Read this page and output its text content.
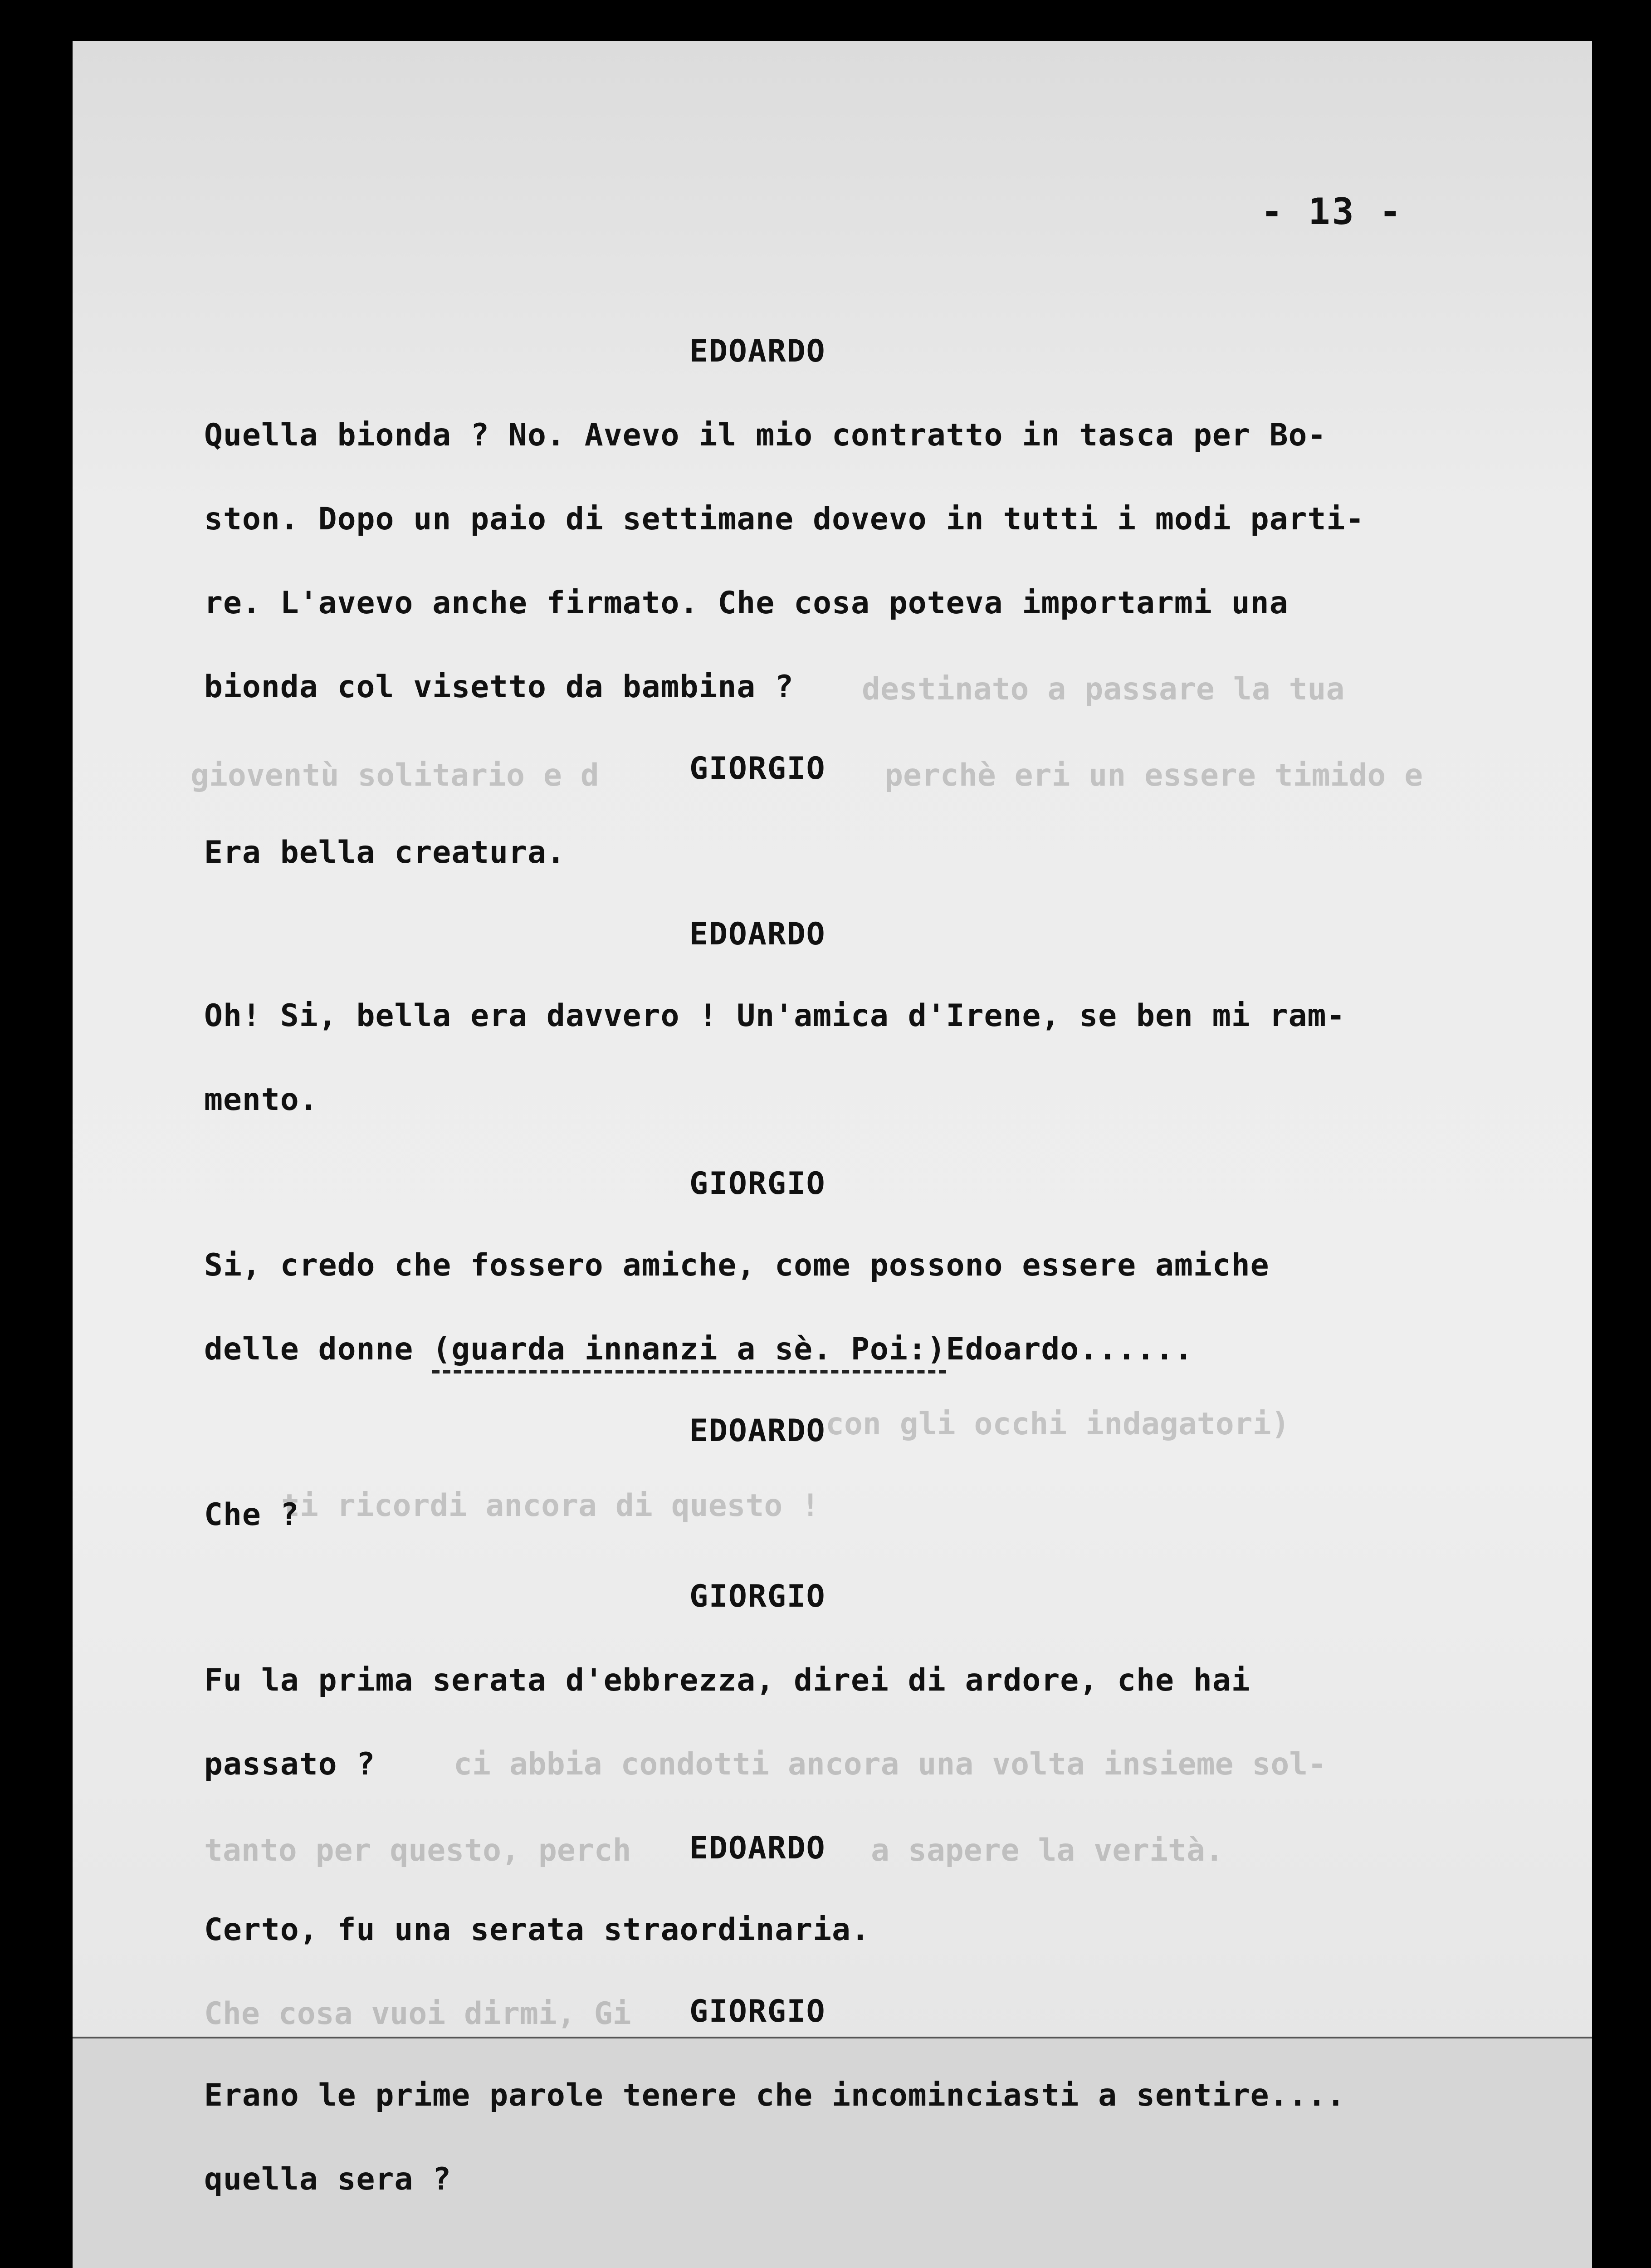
destinato a passare la tua
gioventù solitario e d	perchè eri un essere timido e
con gli occhi indagatori)
ti ricordi ancora di questo !
ci abbia condotti ancora una volta insieme sol-
tanto per questo, perch	a sapere la verità.
Che cosa vuoi dirmi, Gi
- 13 -
EDOARDO
Quella bionda ? No. Avevo il mio contratto in tasca per Bo-
ston. Dopo un paio di settimane dovevo in tutti i modi parti-
re. L'avevo anche firmato. Che cosa poteva importarmi una
bionda col visetto da bambina ?
GIORGIO
Era bella creatura.
EDOARDO
Oh! Si, bella era davvero ! Un'amica d'Irene, se ben mi ram-
mento.
GIORGIO
Si, credo che fossero amiche, come possono essere amiche
delle donne (guarda innanzi a sè. Poi:)Edoardo......
EDOARDO
Che ?
GIORGIO
Fu la prima serata d'ebbrezza, direi di ardore, che hai
passato ?
EDOARDO
Certo, fu una serata straordinaria.
GIORGIO
Erano le prime parole tenere che incominciasti a sentire....
quella sera ?
